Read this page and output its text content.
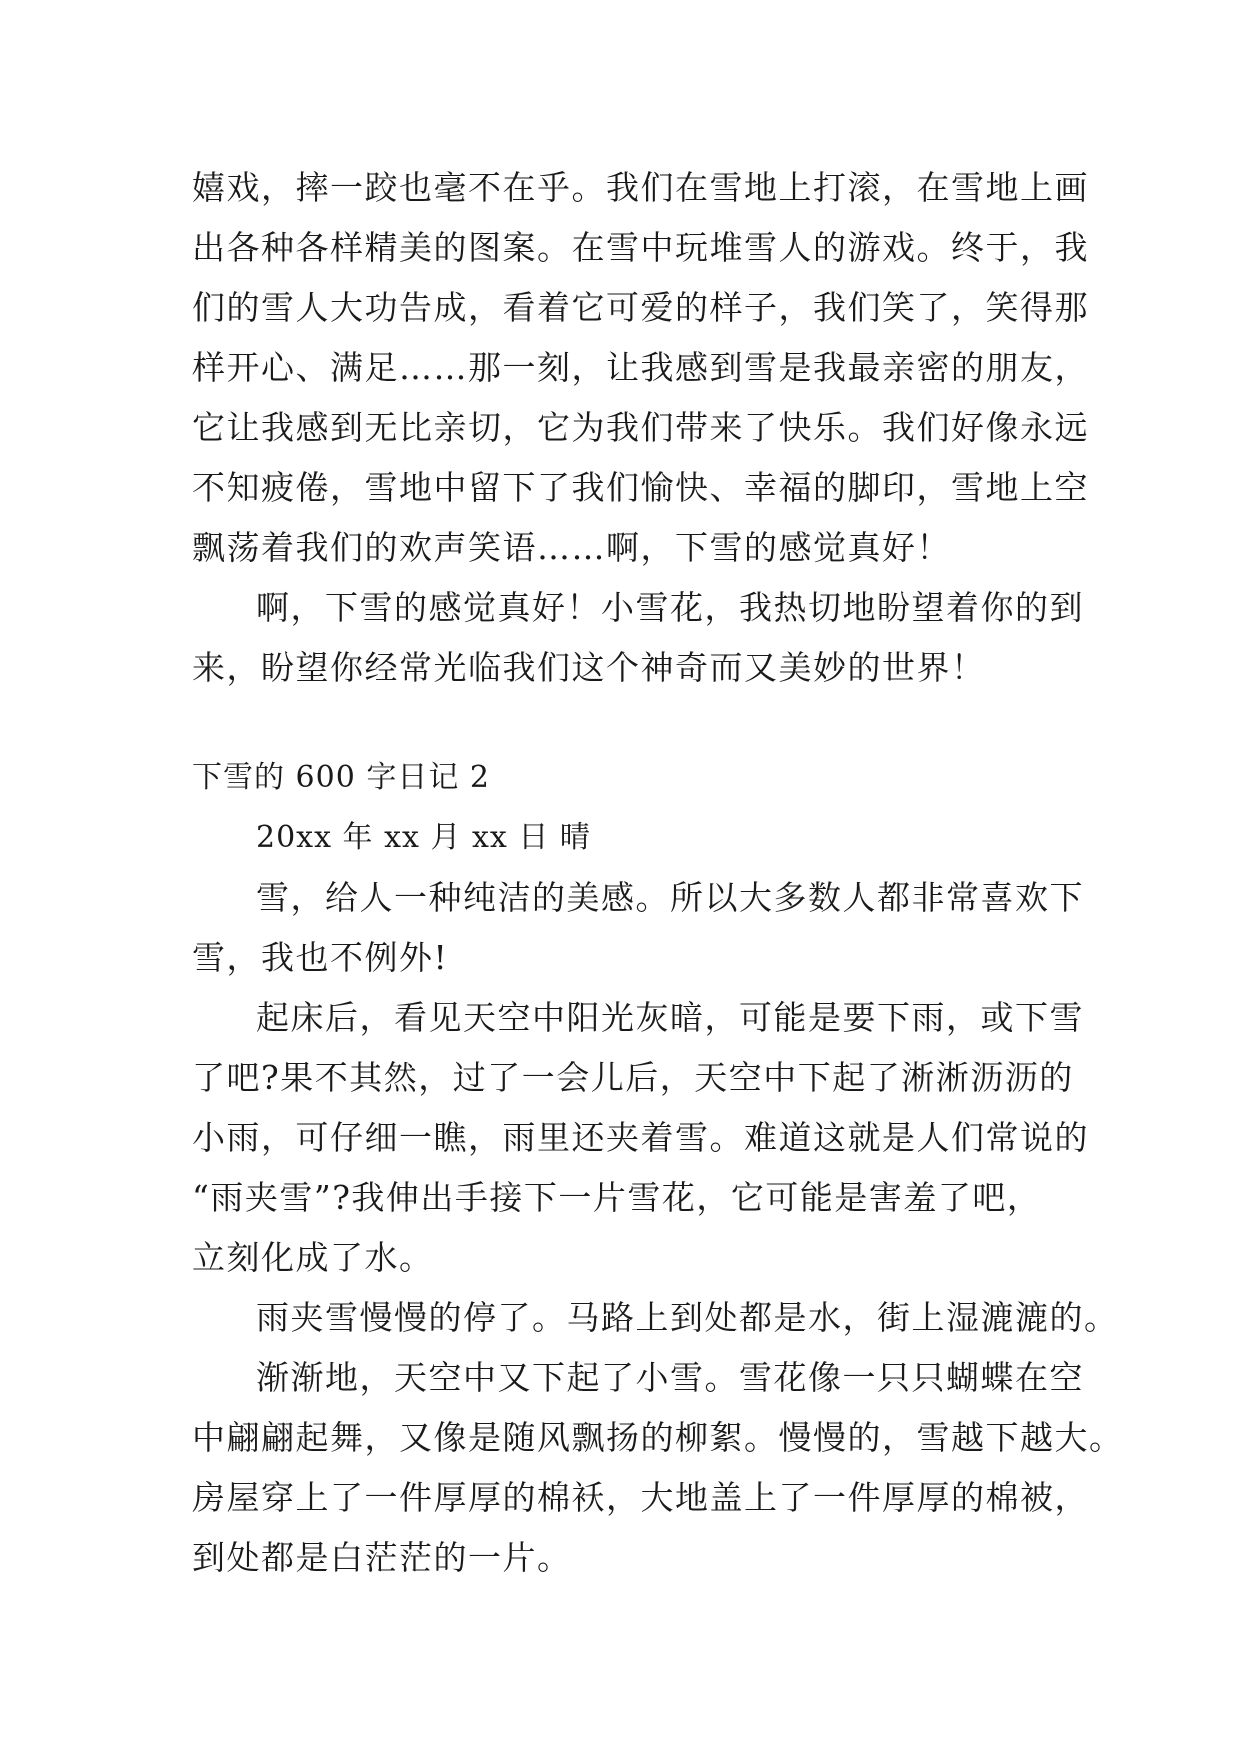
嬉戏，摔一跤也毫不在乎。我们在雪地上打滚，在雪地上画
出各种各样精美的图案。在雪中玩堆雪人的游戏。终于，我
们的雪人大功告成，看着它可爱的样子，我们笑了，笑得那
样开心、满足……那一刻，让我感到雪是我最亲密的朋友，
它让我感到无比亲切，它为我们带来了快乐。我们好像永远
不知疲倦，雪地中留下了我们愉快、幸福的脚印，雪地上空
飘荡着我们的欢声笑语……啊，下雪的感觉真好！
啊，下雪的感觉真好！小雪花，我热切地盼望着你的到
来，盼望你经常光临我们这个神奇而又美妙的世界！
下雪的 600 字日记 2
20xx 年 xx 月 xx 日 晴
雪，给人一种纯洁的美感。所以大多数人都非常喜欢下
雪，我也不例外!
起床后，看见天空中阳光灰暗，可能是要下雨，或下雪
了吧?果不其然，过了一会儿后，天空中下起了淅淅沥沥的
小雨，可仔细一瞧，雨里还夹着雪。难道这就是人们常说的
“雨夹雪”?我伸出手接下一片雪花，它可能是害羞了吧，
立刻化成了水。
雨夹雪慢慢的停了。马路上到处都是水，街上湿漉漉的。
渐渐地，天空中又下起了小雪。雪花像一只只蝴蝶在空
中翩翩起舞，又像是随风飘扬的柳絮。慢慢的，雪越下越大。
房屋穿上了一件厚厚的棉袄，大地盖上了一件厚厚的棉被，
到处都是白茫茫的一片。
